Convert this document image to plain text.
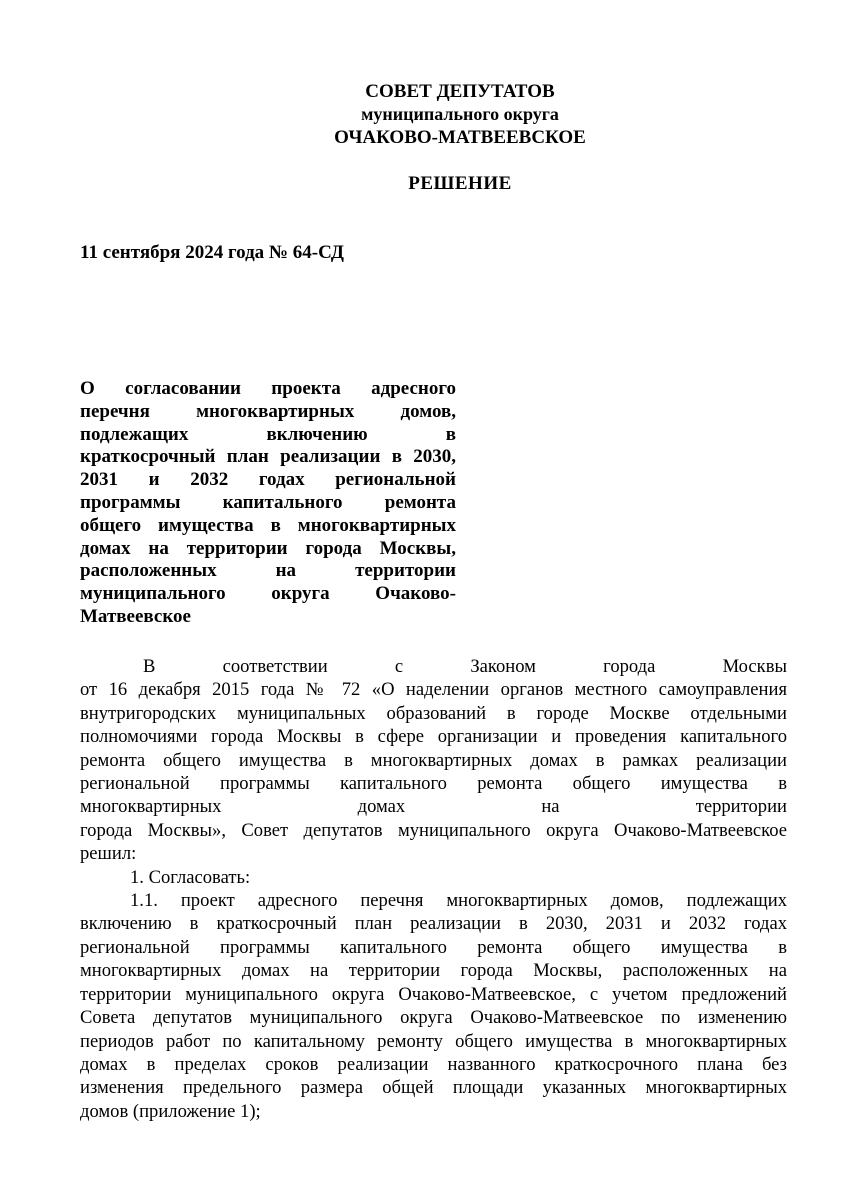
СОВЕТ ДЕПУТАТОВ
муниципального округа
ОЧАКОВО-МАТВЕЕВСКОЕ
РЕШЕНИЕ
11 сентября 2024 года № 64-СД
О согласовании проекта адресного
перечня многоквартирных домов,
подлежащих включению в
краткосрочный план реализации в 2030,
2031 и 2032 годах региональной
программы капитального ремонта
общего имущества в многоквартирных
домах на территории города Москвы,
расположенных на территории
муниципального округа Очаково-
Матвеевское
В соответствии с Законом города Москвы
от 16 декабря 2015 года № 72 «О наделении органов местного самоуправления
внутригородских муниципальных образований в городе Москве отдельными
полномочиями города Москвы в сфере организации и проведения капитального
ремонта общего имущества в многоквартирных домах в рамках реализации
региональной программы капитального ремонта общего имущества в
многоквартирных домах на территории
города Москвы», Совет депутатов муниципального округа Очаково-Матвеевское
решил:
1. Согласовать:
1.1. проект адресного перечня многоквартирных домов, подлежащих
включению в краткосрочный план реализации в 2030, 2031 и 2032 годах
региональной программы капитального ремонта общего имущества в
многоквартирных домах на территории города Москвы, расположенных на
территории муниципального округа Очаково-Матвеевское, с учетом предложений
Совета депутатов муниципального округа Очаково-Матвеевское по изменению
периодов работ по капитальному ремонту общего имущества в многоквартирных
домах в пределах сроков реализации названного краткосрочного плана без
изменения предельного размера общей площади указанных многоквартирных
домов (приложение 1);
